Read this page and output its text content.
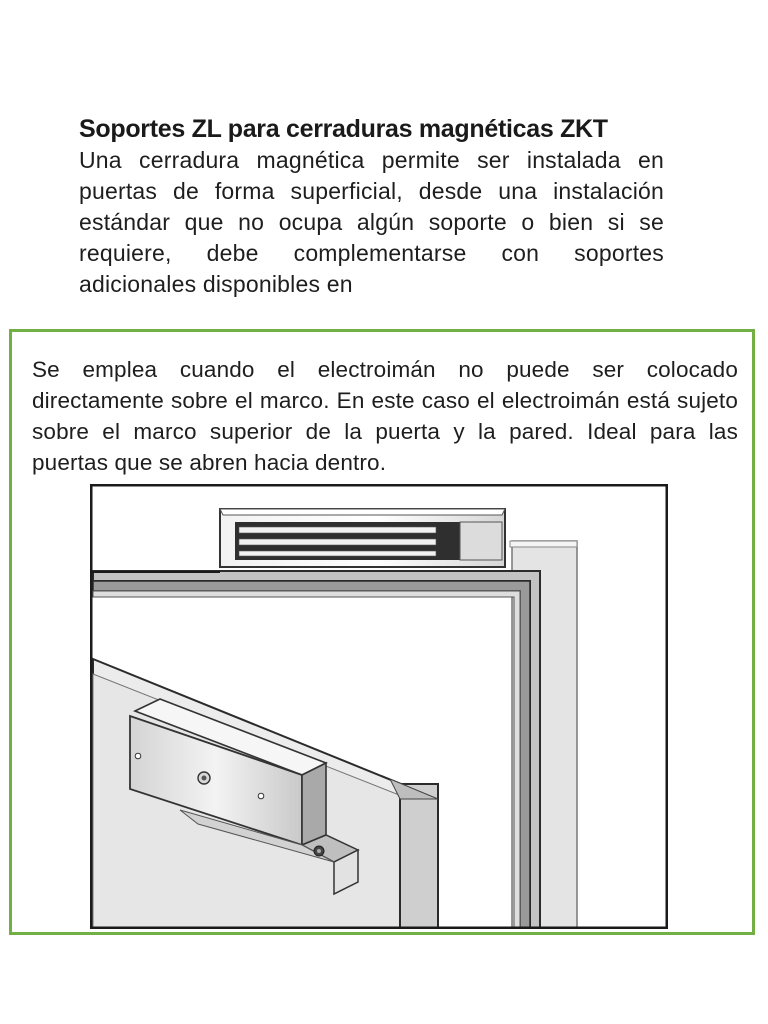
Soportes ZL para cerraduras magnéticas ZKT
Una cerradura magnética permite ser instalada en puertas de forma superficial, desde una instalación estándar que no ocupa algún soporte o bien si se requiere, debe complementarse con soportes adicionales disponibles en
Se emplea cuando el electroimán no puede ser colocado directamente sobre el marco. En este caso el electroimán está sujeto sobre el marco superior de la puerta y la pared. Ideal para las puertas que se abren hacia dentro.
